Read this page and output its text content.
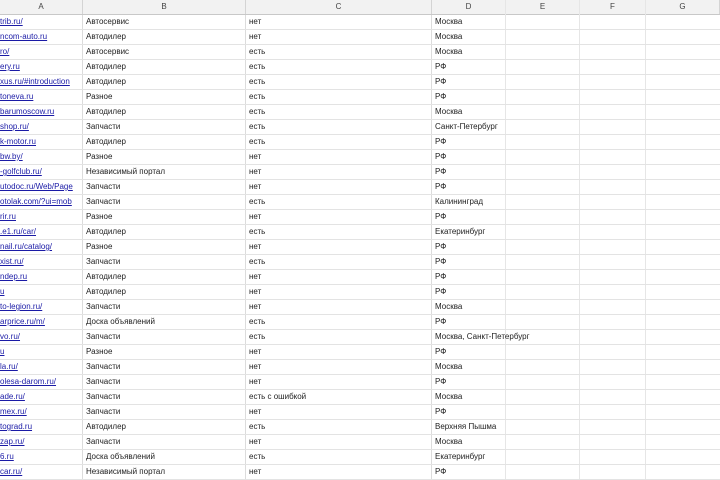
A	B	C	D	E	F	G
trib.ru/	Автосервис	нет	Москва
ncom-auto.ru	Автодилер	нет	Москва
ro/	Автосервис	есть	Москва
ery.ru	Автодилер	есть	РФ
xus.ru/#introduction	Автодилер	есть	РФ
toneva.ru	Разное	есть	РФ
barumoscow.ru	Автодилер	есть	Москва
shop.ru/	Запчасти	есть	Санкт-Петербург
k-motor.ru	Автодилер	есть	РФ
bw.by/	Разное	нет	РФ
-golfclub.ru/	Независимый портал	нет	РФ
utodoc.ru/Web/Page	Запчасти	нет	РФ
otolak.com/?ui=mob	Запчасти	есть	Калининград
rir.ru	Разное	нет	РФ
.e1.ru/car/	Автодилер	есть	Екатеринбург
nail.ru/catalog/	Разное	нет	РФ
xist.ru/	Запчасти	есть	РФ
ndep.ru	Автодилер	нет	РФ
u	Автодилер	нет	РФ
to-legion.ru/	Запчасти	нет	Москва
arprice.ru/m/	Доска объявлений	есть	РФ
vo.ru/	Запчасти	есть	Москва, Санкт-Петербург
u	Разное	нет	РФ
la.ru/	Запчасти	нет	Москва
olesa-darom.ru/	Запчасти	нет	РФ
ade.ru/	Запчасти	есть с ошибкой	Москва
mex.ru/	Запчасти	нет	РФ
tograd.ru	Автодилер	есть	Верхняя Пышма
zap.ru/	Запчасти	нет	Москва
6.ru	Доска объявлений	есть	Екатеринбург
car.ru/	Независимый портал	нет	РФ
